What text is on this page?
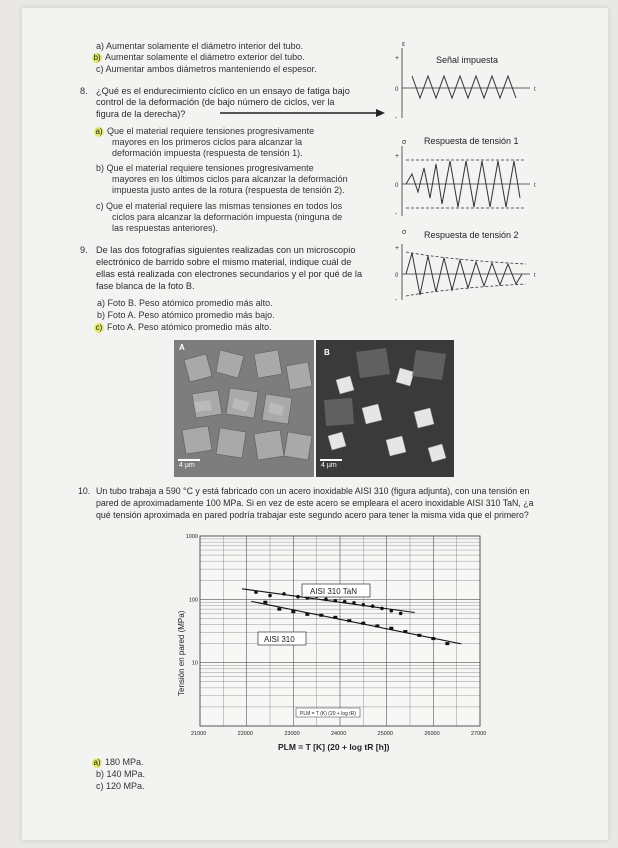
a) Aumentar solamente el diámetro interior del tubo.
b) Aumentar solamente el diámetro exterior del tubo.
c) Aumentar ambos diámetros manteniendo el espesor.
8. ¿Qué es el endurecimiento cíclico en un ensayo de fatiga bajo
control de la deformación (de bajo número de ciclos, ver la
figura de la derecha)?
a) Que el material requiere tensiones progresivamente
mayores en los primeros ciclos para alcanzar la
deformación impuesta (respuesta de tensión 1).
b) Que el material requiere tensiones progresivamente
mayores en los últimos ciclos para alcanzar la deformación
impuesta justo antes de la rotura (respuesta de tensión 2).
c) Que el material requiere las mismas tensiones en todos los
ciclos para alcanzar la deformación impuesta (ninguna de
las respuestas anteriores).
ε
Señal impuesta
+
0
-
t
σ Respuesta de tensión 1
+
0
-
t
σ Respuesta de tensión 2
+
0
-
t
9. De las dos fotografías siguientes realizadas con un microscopio
electrónico de barrido sobre el mismo material, indique cuál de
ellas está realizada con electrones secundarios y el por qué de la
fase blanca de la foto B.
a) Foto B. Peso atómico promedio más alto.
b) Foto A. Peso atómico promedio más bajo.
c) Foto A. Peso atómico promedio más alto.
A
4 µm
B
4 µm
10. Un tubo trabaja a 590 °C y está fabricado con un acero inoxidable AISI 310 (figura adjunta), con una tensión en
pared de aproximadamente 100 MPa. Si en vez de este acero se empleara el acero inoxidable AISI 310 TaN, ¿a
qué tensión aproximada en pared podría trabajar este segundo acero para tener la misma vida que el primero?
21000	22000	23000	24000	25000	26000	27000
1000
100
10
AISI 310 TaN
AISI 310
PLM = T (K) (20 + log tR)
Tensión en pared (MPa)
PLM = T [K] (20 + log tR [h])
a) 180 MPa.
b) 140 MPa.
c) 120 MPa.
